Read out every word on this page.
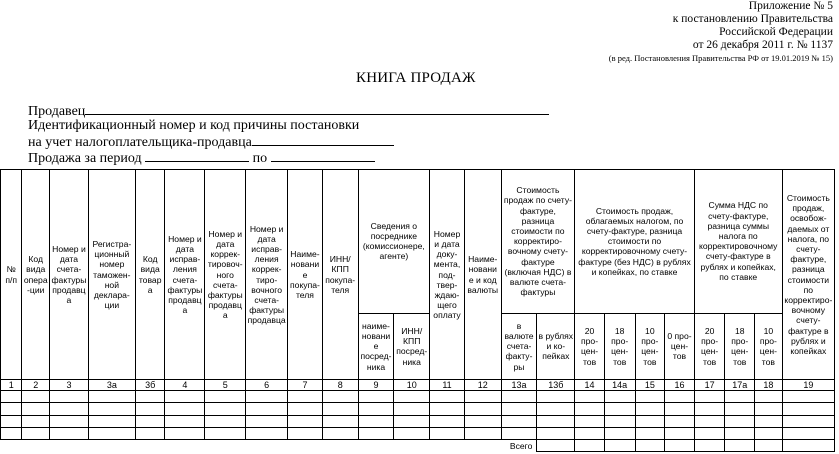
Приложение № 5
к постановлению Правительства
Российской Федерации
от 26 декабря 2011 г. № 1137
(в ред. Постановления Правительства РФ от 19.01.2019 № 15)
КНИГА ПРОДАЖ
Продавец
Идентификационный номер и код причины постановки
на учет налогоплательщика-продавца
Продажа за период	по
№ п/п	Код вида опера-ции	Номер и дата счета-фактуры продавца	Регистра-ционный номер таможен-ной деклара-ции	Код вида товара	Номер и дата исправ-ления счета-фактуры продавца	Номер и дата коррек-тировоч-ного счета-фактуры продавца	Номер и дата исправ-ления коррек-тиро-вочного счета-фактуры продавца	Наиме-новани е покупа-теля	ИНН/ КПП покупа-теля	Сведения о посреднике (комиссионере, агенте)		Номер и дата доку-мента, под-твер-ждаю-щего оплату	Наиме-новани е и код валюты	Стоимость продаж по счету-фактуре, разница стоимости по корректиро-вочному счету-фактуре (включая НДС) в валюте счета-фактуры		Стоимость продаж, облагаемых налогом, по счету-фактуре, разница стоимости по корректировочному счету-фактуре (без НДС) в рублях и копейках, по ставке				Сумма НДС по счету-фактуре, разница суммы налога по корректировочному счету-фактуре в рублях и копейках, по ставке			Стоимость продаж, освобож-даемых от налога, по счету-фактуре, разница стоимости по корректиро-вочному счету-фактуре в рублях и копейках
										наиме-новани е посред-ника	ИНН/ КПП посред-ника			в валюте счета-факту-ры	в рублях и ко-пейках	20 про-цен-тов	18 про-цен-тов	10 про-цен-тов	0 про-цен-тов	20 про-цен-тов	18 про-цен-тов	10 про-цен-тов	
1	2	3	3а	3б	4	5	6	7	8	9	10	11	12	13а	13б	14	14а	15	16	17	17а	18	19

Всего																							
